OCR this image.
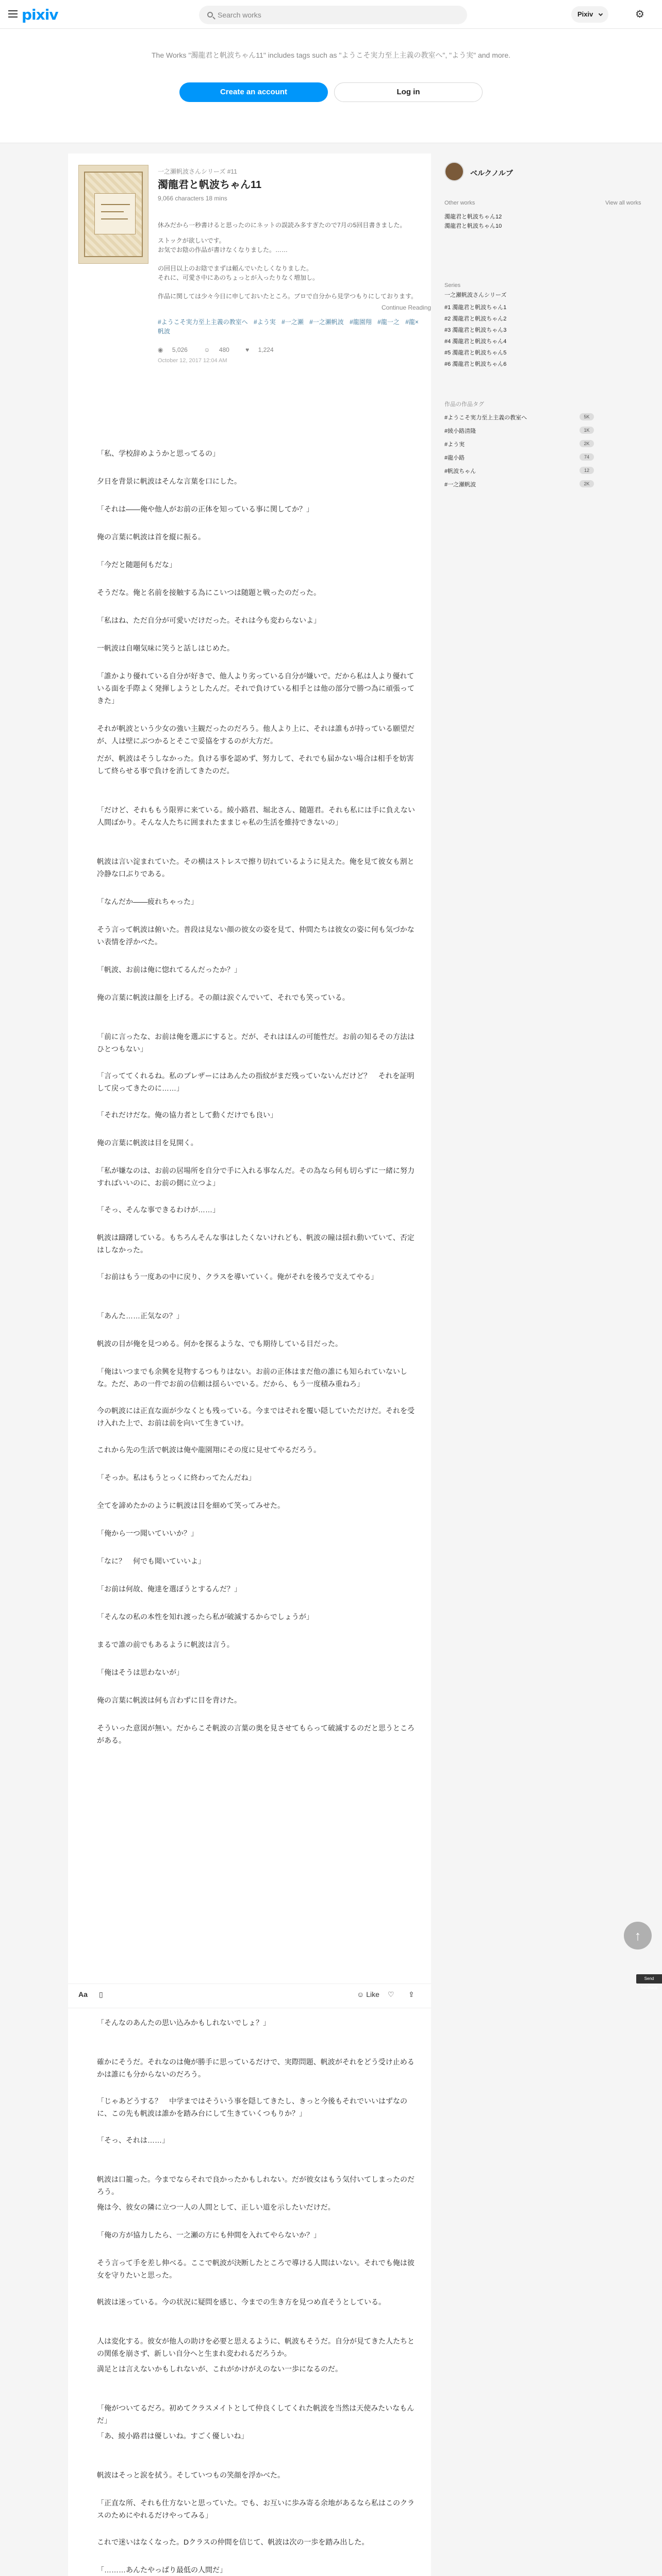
pixiv
Search works	Pixiv	⚙
The Works "濁龍君と帆波ちゃん11" includes tags such as "ようこそ実力至上主義の教室へ", "よう実" and more.
Create an account	Log in
一之瀬帆波さんシリーズ #11
濁龍君と帆波ちゃん11
9,066 characters 18 mins
休みだから一秒書けると思ったのにネットの誤読み多すぎたので7月の5回目書きました。
ストックが欲しいです。
お気でお陰の作品が書けなくなりました。……
の回目以上のお陰でまずは頼んでいたしくなりました。
それに、可愛さ中にあのちょっとが入ったりなく増加し。
作品に関しては少々今日に申しておいたところ。ブロで自分から見学つもりにしております。
Continue Reading
#ようこそ実力至上主義の教室へ #よう実 #一之瀬 #一之瀬帆波 #龍園翔 #龍一之 #龍×帆波
◉ 5,026	☺ 480	♥ 1,224
October 12, 2017 12:04 AM
「私、学校辞めようかと思ってるの」
夕日を背景に帆波はそんな言葉を口にした。
「それは――俺や他人がお前の正体を知っている事に関してか？」
俺の言葉に帆波は首を縦に振る。
「今だと随題何もだな」
そうだな。俺と名前を接触する為にこいつは随題と戦ったのだった。
「私はね、ただ自分が可愛いだけだった。それは今も変わらないよ」
一帆波は自嘲気味に笑うと話しはじめた。
「誰かより優れている自分が好きで、他人より劣っている自分が嫌いで。だから私は人より優れている面を手際よく発揮しようとしたんだ。それで負けている相手とは他の部分で勝つ為に頑張ってきた」
それが帆波という少女の強い主観だったのだろう。他人より上に、それは誰もが持っている願望だが、人は壁にぶつかるとそこで妥協をするのが大方だ。
だが、帆波はそうしなかった。負ける事を認めず、努力して、それでも届かない場合は相手を妨害して終らせる事で負けを消してきたのだ。
「だけど、それももう限界に来ている。綾小路君、堀北さん、随題君。それも私には手に負えない人間ばかり。そんな人たちに囲まれたままじゃ私の生活を維持できないの」
帆波は言い淀まれていた。その横はストレスで擦り切れているように見えた。俺を見て彼女も割と冷静な口ぶりである。
「なんだか――疲れちゃった」
そう言って帆波は俯いた。普段は見ない顔の彼女の姿を見て、仲間たちは彼女の姿に何も気づかない表情を浮かべた。
「帆波、お前は俺に惚れてるんだったか？」
俺の言葉に帆波は顔を上げる。その顔は涙ぐんでいて、それでも笑っている。
「前に言ったな、お前は俺を選ぶにすると。だが、それはほんの可能性だ。お前の知るその方法はひとつもない」
「言っててくれるね。私のプレザーにはあんたの指紋がまだ残っていないんだけど？　それを証明して戻ってきたのに……」
「それだけだな。俺の協力者として動くだけでも良い」
俺の言葉に帆波は目を見開く。
「私が嫌なのは、お前の居場所を自分で手に入れる事なんだ。その為なら何も切らずに一緒に努力すればいいのに、お前の側に立つよ」
「そっ、そんな事できるわけが……」
帆波は躊躇している。もちろんそんな事はしたくないけれども、帆波の瞳は揺れ動いていて、否定はしなかった。
「お前はもう一度あの中に戻り、クラスを導いていく。俺がそれを後ろで支えてやる」
「あんた……正気なの？」
帆波の目が俺を見つめる。何かを探るような、でも期待している目だった。
「俺はいつまでも余興を見物するつもりはない。お前の正体はまだ他の誰にも知られていないしな。ただ、あの一件でお前の信頼は揺らいでいる。だから、もう一度積み重ねろ」
今の帆波には正直な面が少なくとも残っている。今まではそれを覆い隠していただけだ。それを受け入れた上で、お前は前を向いて生きていけ。
これから先の生活で帆波は俺や龍園翔にその度に見せてやるだろう。
「そっか。私はもうとっくに終わってたんだね」
全てを諦めたかのように帆波は目を細めて笑ってみせた。
「俺から一つ聞いていいか？」
「なに？　何でも聞いていいよ」
「お前は何故、俺達を選ぼうとするんだ？」
「そんなの私の本性を知れ渡ったら私が破滅するからでしょうが」
まるで誰の前でもあるように帆波は言う。
「俺はそうは思わないが」
俺の言葉に帆波は何も言わずに目を背けた。
そういった意図が無い。だからこそ帆波の言葉の奥を見させてもらって破滅するのだと思うところがある。
Aa ▯	☺ Like ♡ ⇪
「そんなのあんたの思い込みかもしれないでしょ？」
確かにそうだ。それなのは俺が勝手に思っているだけで、実際問題、帆波がそれをどう受け止めるかは誰にも分からないのだろう。
「じゃあどうする？　中学まではそういう事を隠してきたし、きっと今後もそれでいいはずなのに、この先も帆波は誰かを踏み台にして生きていくつもりか？」
「そっ、それは……」
帆波は口籠った。今までならそれで良かったかもしれない。だが彼女はもう気付いてしまったのだろう。
俺は今、彼女の隣に立つ一人の人間として、正しい道を示したいだけだ。
「俺の方が協力したら、一之瀬の方にも仲間を入れてやらないか？」
そう言って手を差し伸べる。ここで帆波が決断したところで導ける人間はいない。それでも俺は彼女を守りたいと思った。
帆波は迷っている。今の状況に疑問を感じ、今までの生き方を見つめ直そうとしている。
人は変化する。彼女が他人の助けを必要と思えるように、帆波もそうだ。自分が見てきた人たちとの関係を崩さず、新しい自分へと生まれ変われるだろうか。
満足とは言えないかもしれないが、これがかけがえのない一歩になるのだ。
「俺がついてるだろ。初めてクラスメイトとして仲良くしてくれた帆波を当然は天使みたいなもんだ」
「あ、綾小路君は優しいね。すごく優しいね」
帆波はそっと涙を拭う。そしていつもの笑顔を浮かべた。
「正直な所、それも仕方ないと思っていた。でも、お互いに歩み寄る余地があるなら私はこのクラスのためにやれるだけやってみる」
これで迷いはなくなった。Dクラスの仲間を信じて、帆波は次の一歩を踏み出した。
「………あんたやっぱり最低の人間だ」
ベルクノルブ
Other works	View all works
濁龍君と帆波ちゃん12
濁龍君と帆波ちゃん10
Series
一之瀬帆波さんシリーズ
#1 濁龍君と帆波ちゃん1
#2 濁龍君と帆波ちゃん2
#3 濁龍君と帆波ちゃん3
#4 濁龍君と帆波ちゃん4
#5 濁龍君と帆波ちゃん5
#6 濁龍君と帆波ちゃん6
作品の作品タグ
#ようこそ実力至上主義の教室へ	5K
#綾小路清隆	1K
#よう実	2K
#龍小路	74
#帆波ちゃん	12
#一之瀬帆波	2K
↑
Send feedback
